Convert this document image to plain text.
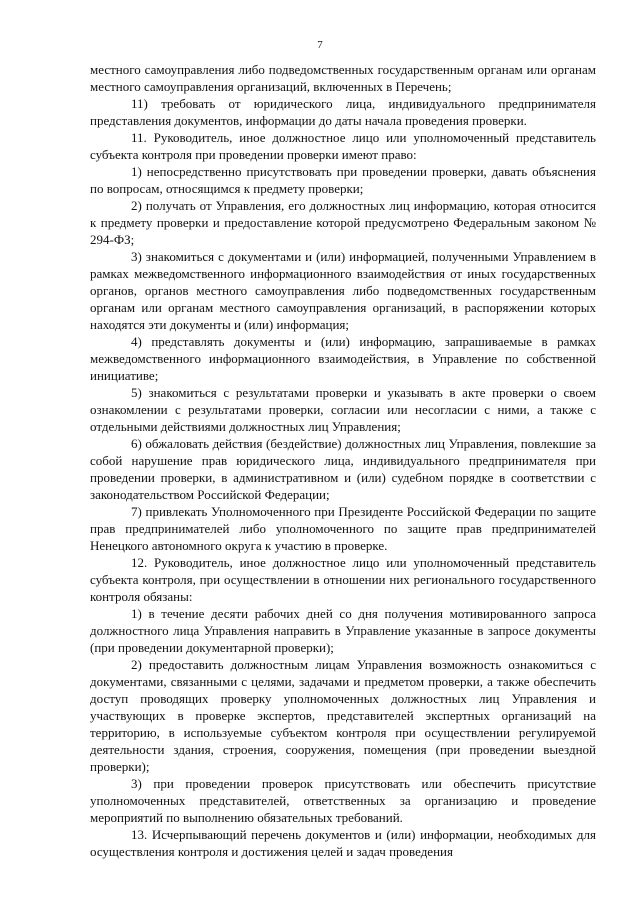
7

местного самоуправления либо подведомственных государственным органам или органам местного самоуправления организаций, включенных в Перечень;

11) требовать от юридического лица, индивидуального предпринимателя представления документов, информации до даты начала проведения проверки.

11. Руководитель, иное должностное лицо или уполномоченный представитель субъекта контроля при проведении проверки имеют право:

1) непосредственно присутствовать при проведении проверки, давать объяснения по вопросам, относящимся к предмету проверки;

2) получать от Управления, его должностных лиц информацию, которая относится к предмету проверки и предоставление которой предусмотрено Федеральным законом № 294-ФЗ;

3) знакомиться с документами и (или) информацией, полученными Управлением в рамках межведомственного информационного взаимодействия от иных государственных органов, органов местного самоуправления либо подведомственных государственным органам или органам местного самоуправления организаций, в распоряжении которых находятся эти документы и (или) информация;

4) представлять документы и (или) информацию, запрашиваемые в рамках межведомственного информационного взаимодействия, в Управление по собственной инициативе;

5) знакомиться с результатами проверки и указывать в акте проверки о своем ознакомлении с результатами проверки, согласии или несогласии с ними, а также с отдельными действиями должностных лиц Управления;

6) обжаловать действия (бездействие) должностных лиц Управления, повлекшие за собой нарушение прав юридического лица, индивидуального предпринимателя при проведении проверки, в административном и (или) судебном порядке в соответствии с законодательством Российской Федерации;

7) привлекать Уполномоченного при Президенте Российской Федерации по защите прав предпринимателей либо уполномоченного по защите прав предпринимателей Ненецкого автономного округа к участию в проверке.

12. Руководитель, иное должностное лицо или уполномоченный представитель субъекта контроля, при осуществлении в отношении них регионального государственного контроля обязаны:

1) в течение десяти рабочих дней со дня получения мотивированного запроса должностного лица Управления направить в Управление указанные в запросе документы (при проведении документарной проверки);

2) предоставить должностным лицам Управления возможность ознакомиться с документами, связанными с целями, задачами и предметом проверки, а также обеспечить доступ проводящих проверку уполномоченных должностных лиц Управления и участвующих в проверке экспертов, представителей экспертных организаций на территорию, в используемые субъектом контроля при осуществлении регулируемой деятельности здания, строения, сооружения, помещения (при проведении выездной проверки);

3) при проведении проверок присутствовать или обеспечить присутствие уполномоченных представителей, ответственных за организацию и проведение мероприятий по выполнению обязательных требований.

13. Исчерпывающий перечень документов и (или) информации, необходимых для осуществления контроля и достижения целей и задач проведения
